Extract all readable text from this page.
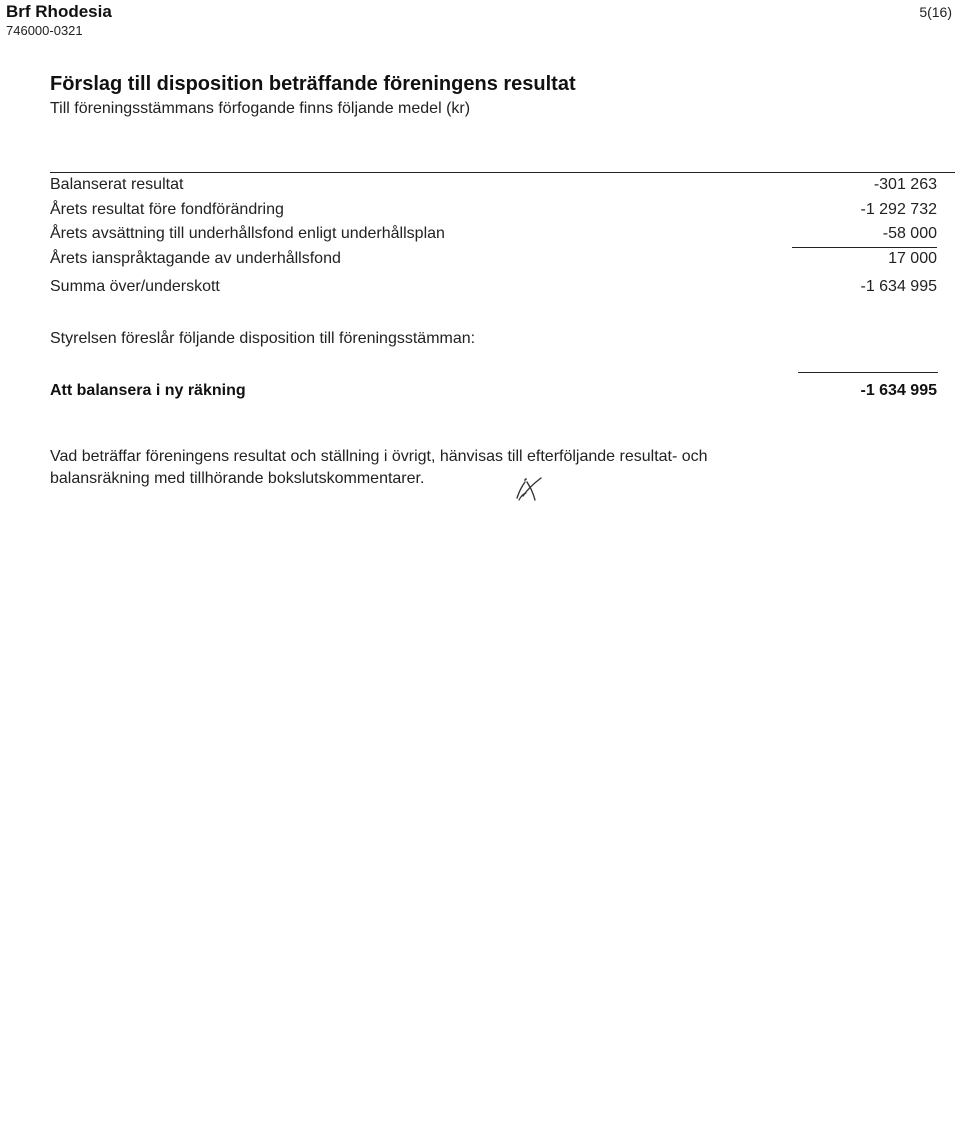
Brf Rhodesia
746000-0321
5(16)
Förslag till disposition beträffande föreningens resultat
Till föreningsstämmans förfogande finns följande medel (kr)
Balanserat resultat	-301 263
Årets resultat före fondförändring	-1 292 732
Årets avsättning till underhållsfond enligt underhållsplan	-58 000
Årets ianspråktagande av underhållsfond	17 000
Summa över/underskott	-1 634 995
Styrelsen föreslår följande disposition till föreningsstämman:
Att balansera i ny räkning	-1 634 995
Vad beträffar föreningens resultat och ställning i övrigt, hänvisas till efterföljande resultat- och
balansräkning med tillhörande bokslutskommentarer.
